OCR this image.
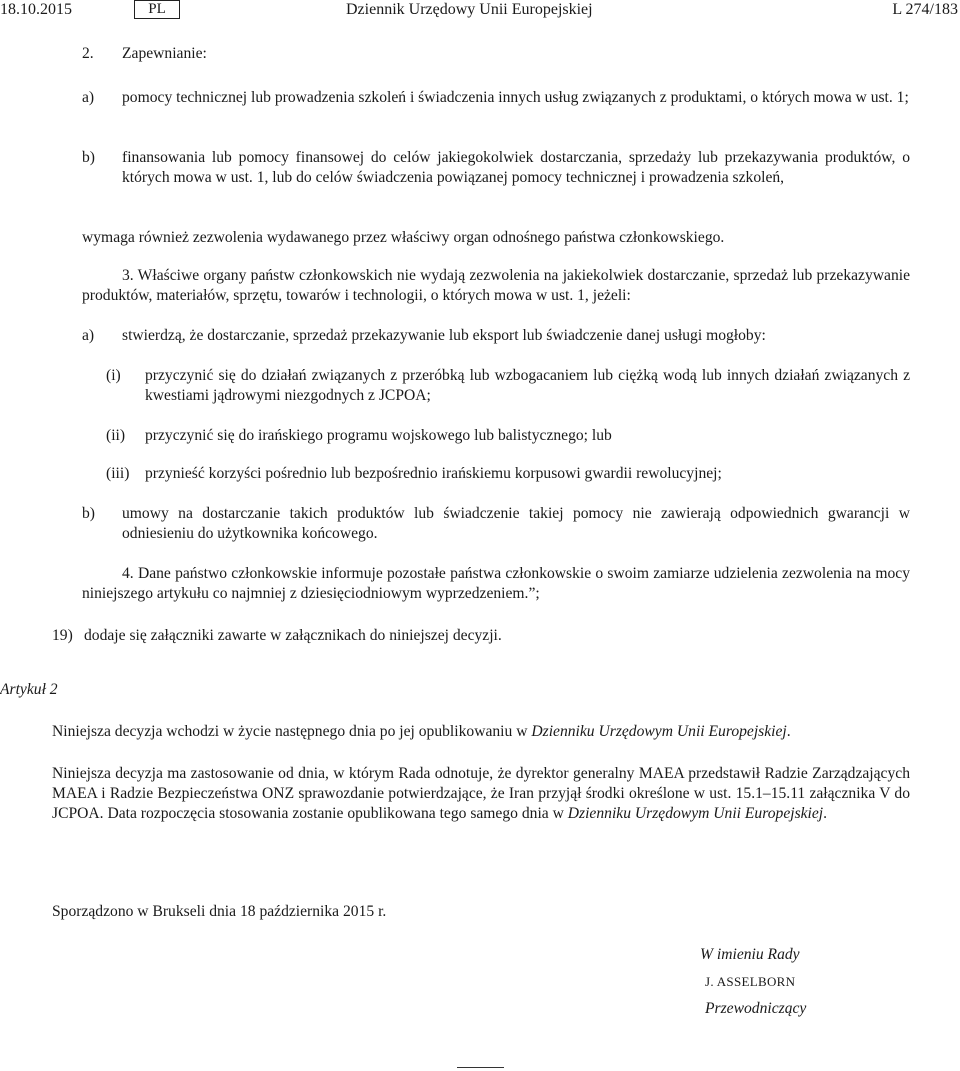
18.10.2015	PL	Dziennik Urzędowy Unii Europejskiej	L 274/183
2. Zapewnianie:
a) pomocy technicznej lub prowadzenia szkoleń i świadczenia innych usług związanych z produktami, o których mowa w ust. 1;

b) finansowania lub pomocy finansowej do celów jakiegokolwiek dostarczania, sprzedaży lub przekazywania produktów, o których mowa w ust. 1, lub do celów świadczenia powiązanej pomocy technicznej i prowadzenia szkoleń,

wymaga również zezwolenia wydawanego przez właściwy organ odnośnego państwa członkowskiego.

3. Właściwe organy państw członkowskich nie wydają zezwolenia na jakiekolwiek dostarczanie, sprzedaż lub przekazywanie produktów, materiałów, sprzętu, towarów i technologii, o których mowa w ust. 1, jeżeli:

a) stwierdzą, że dostarczanie, sprzedaż przekazywanie lub eksport lub świadczenie danej usługi mogłoby:

(i) przyczynić się do działań związanych z przeróbką lub wzbogacaniem lub ciężką wodą lub innych działań związanych z kwestiami jądrowymi niezgodnych z JCPOA;

(ii) przyczynić się do irańskiego programu wojskowego lub balistycznego; lub

(iii) przynieść korzyści pośrednio lub bezpośrednio irańskiemu korpusowi gwardii rewolucyjnej;

b) umowy na dostarczanie takich produktów lub świadczenie takiej pomocy nie zawierają odpowiednich gwarancji w odniesieniu do użytkownika końcowego.

4. Dane państwo członkowskie informuje pozostałe państwa członkowskie o swoim zamiarze udzielenia zezwolenia na mocy niniejszego artykułu co najmniej z dziesięciodniowym wyprzedzeniem.”;

19) dodaje się załączniki zawarte w załącznikach do niniejszej decyzji.

Artykuł 2

Niniejsza decyzja wchodzi w życie następnego dnia po jej opublikowaniu w Dzienniku Urzędowym Unii Europejskiej.

Niniejsza decyzja ma zastosowanie od dnia, w którym Rada odnotuje, że dyrektor generalny MAEA przedstawił Radzie Zarządzających MAEA i Radzie Bezpieczeństwa ONZ sprawozdanie potwierdzające, że Iran przyjął środki określone w ust. 15.1–15.11 załącznika V do JCPOA. Data rozpoczęcia stosowania zostanie opublikowana tego samego dnia w Dzienniku Urzędowym Unii Europejskiej.

Sporządzono w Brukseli dnia 18 października 2015 r.

W imieniu Rady

J. ASSELBORN

Przewodniczący
